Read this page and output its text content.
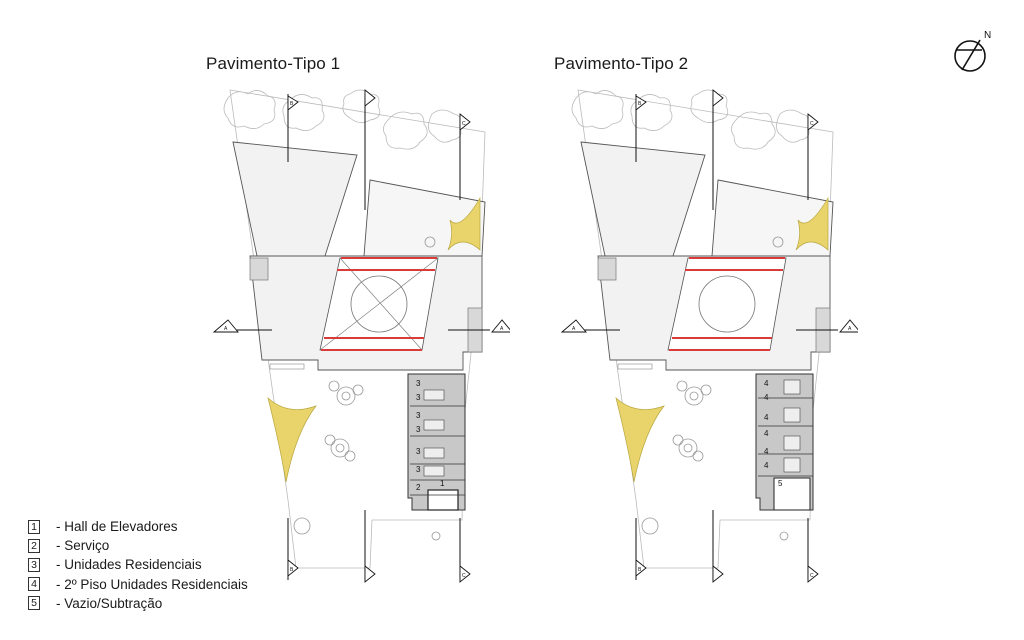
Pavimento-Tipo 1	Pavimento-Tipo 2
3
3
3
3
3
3
2 1
A	A
B
B
C
C
4
4
4
4
4
4
5
A	A
B
B
C
C
N
1 - Hall de Elevadores
2 - Serviço
3 - Unidades Residenciais
4 - 2º Piso Unidades Residenciais
5 - Vazio/Subtração
